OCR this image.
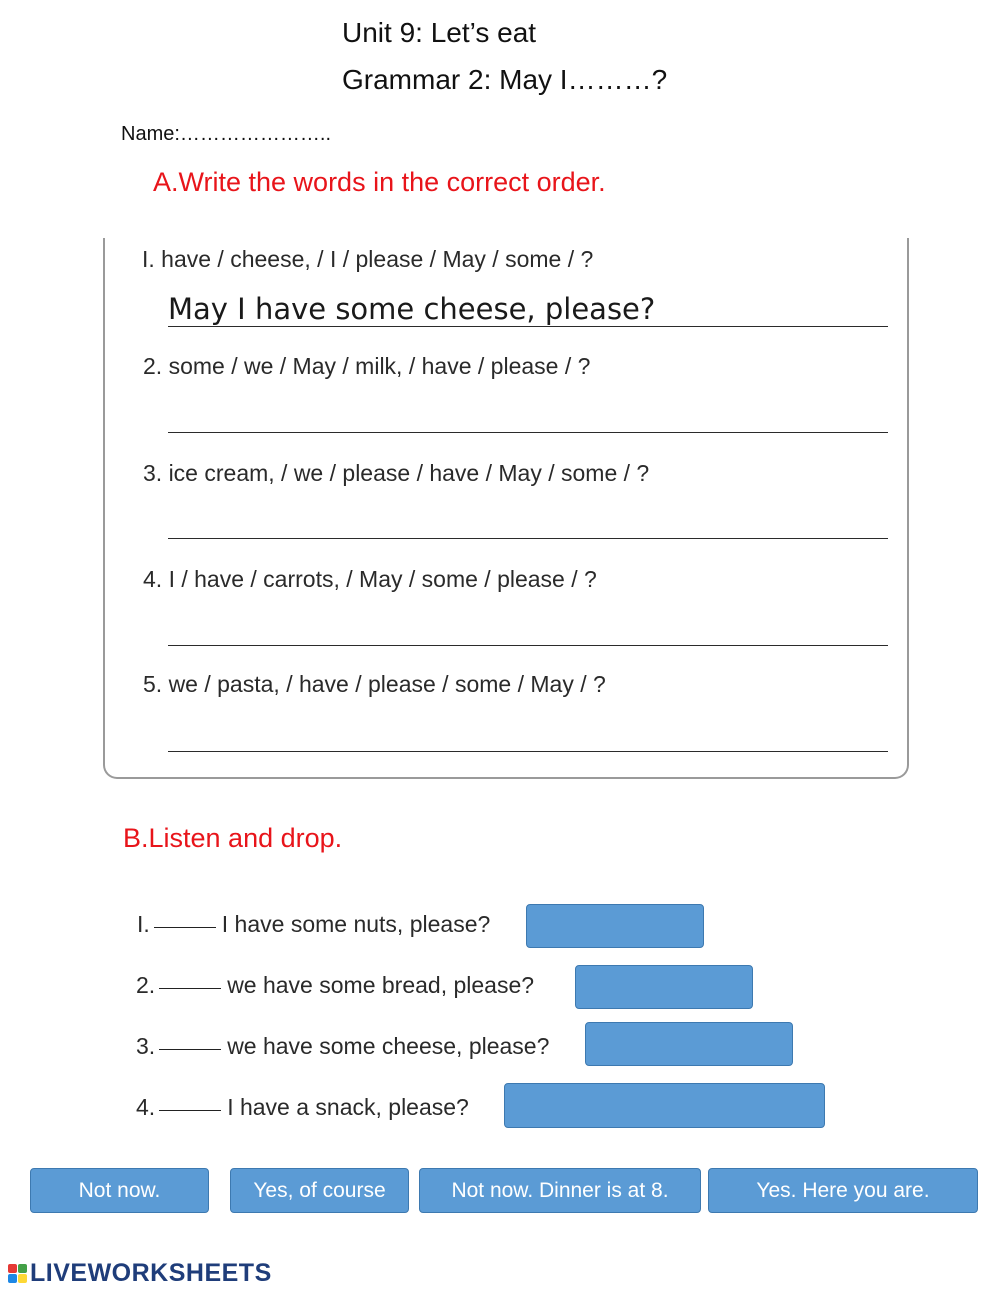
Unit 9: Let’s eat
Grammar 2: May I………?
Name:…………………..
A.Write the words in the correct order.
I. have / cheese, / I / please / May / some / ?
May I have some cheese, please?
2. some / we / May / milk, / have / please / ?
3. ice cream, / we / please / have / May / some / ?
4. I / have / carrots, / May / some / please / ?
5. we / pasta, / have / please / some / May / ?
B.Listen and drop.
I.	I have some nuts, please?
2.	we have some bread, please?
3.	we have some cheese, please?
4.	I have a snack, please?
Not now.	Yes, of course	Not now. Dinner is at 8.	Yes. Here you are.
LIVEWORKSHEETS
